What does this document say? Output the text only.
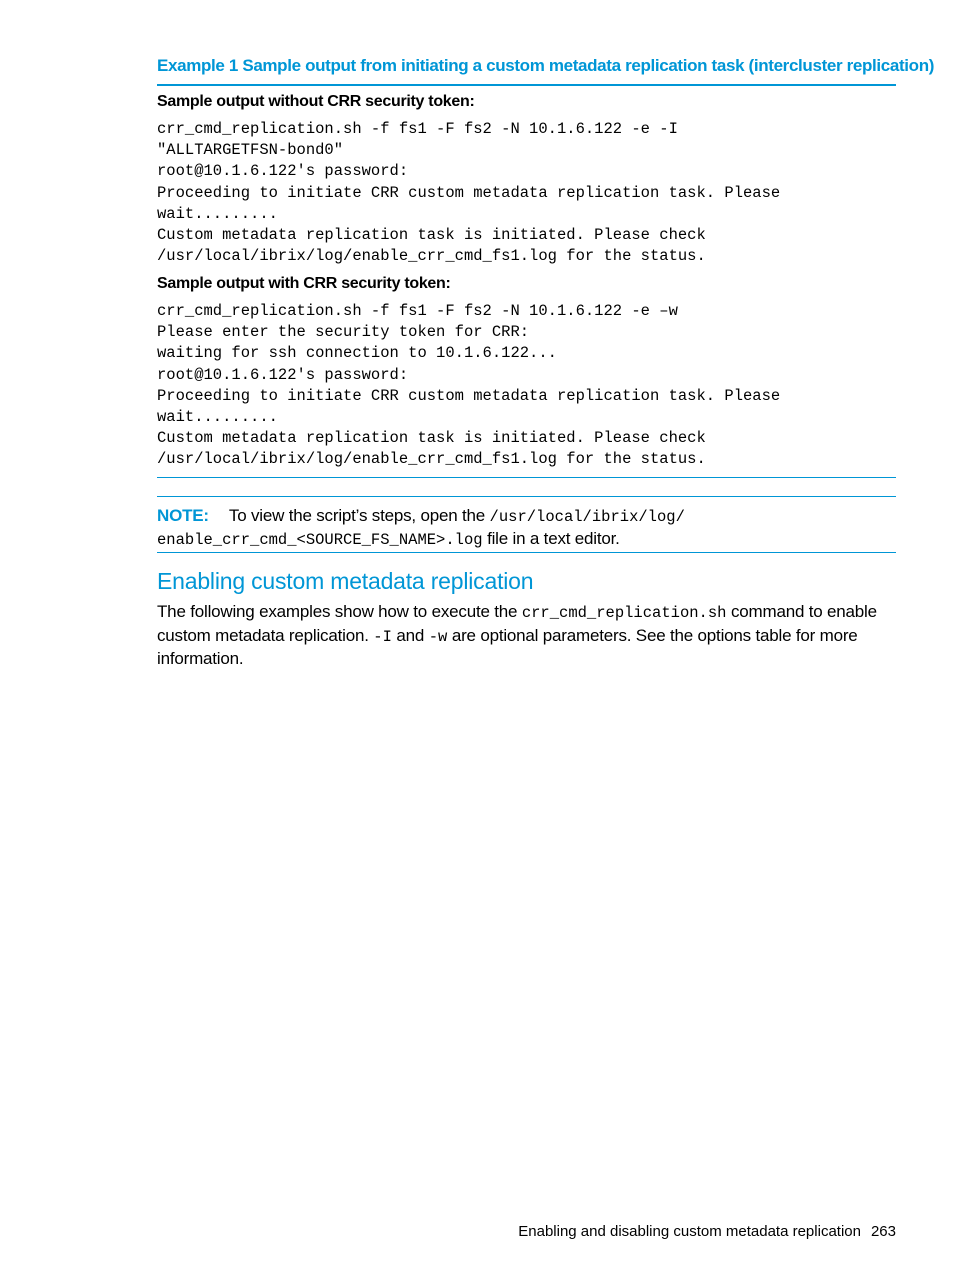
Example 1 Sample output from initiating a custom metadata replication task (intercluster replication)
Sample output without CRR security token:
crr_cmd_replication.sh -f fs1 -F fs2 -N 10.1.6.122 -e -I
"ALLTARGETFSN-bond0"
root@10.1.6.122's password:
Proceeding to initiate CRR custom metadata replication task. Please
wait.........
Custom metadata replication task is initiated. Please check
/usr/local/ibrix/log/enable_crr_cmd_fs1.log for the status.
Sample output with CRR security token:
crr_cmd_replication.sh -f fs1 -F fs2 -N 10.1.6.122 -e –w
Please enter the security token for CRR:
waiting for ssh connection to 10.1.6.122...
root@10.1.6.122's password:
Proceeding to initiate CRR custom metadata replication task. Please
wait.........
Custom metadata replication task is initiated. Please check
/usr/local/ibrix/log/enable_crr_cmd_fs1.log for the status.
NOTE: To view the script’s steps, open the /usr/local/ibrix/log/
enable_crr_cmd_<SOURCE_FS_NAME>.log file in a text editor.
Enabling custom metadata replication
The following examples show how to execute the crr_cmd_replication.sh command to enable custom metadata replication. -I and -w are optional parameters. See the options table for more information.
Enabling and disabling custom metadata replication 263
